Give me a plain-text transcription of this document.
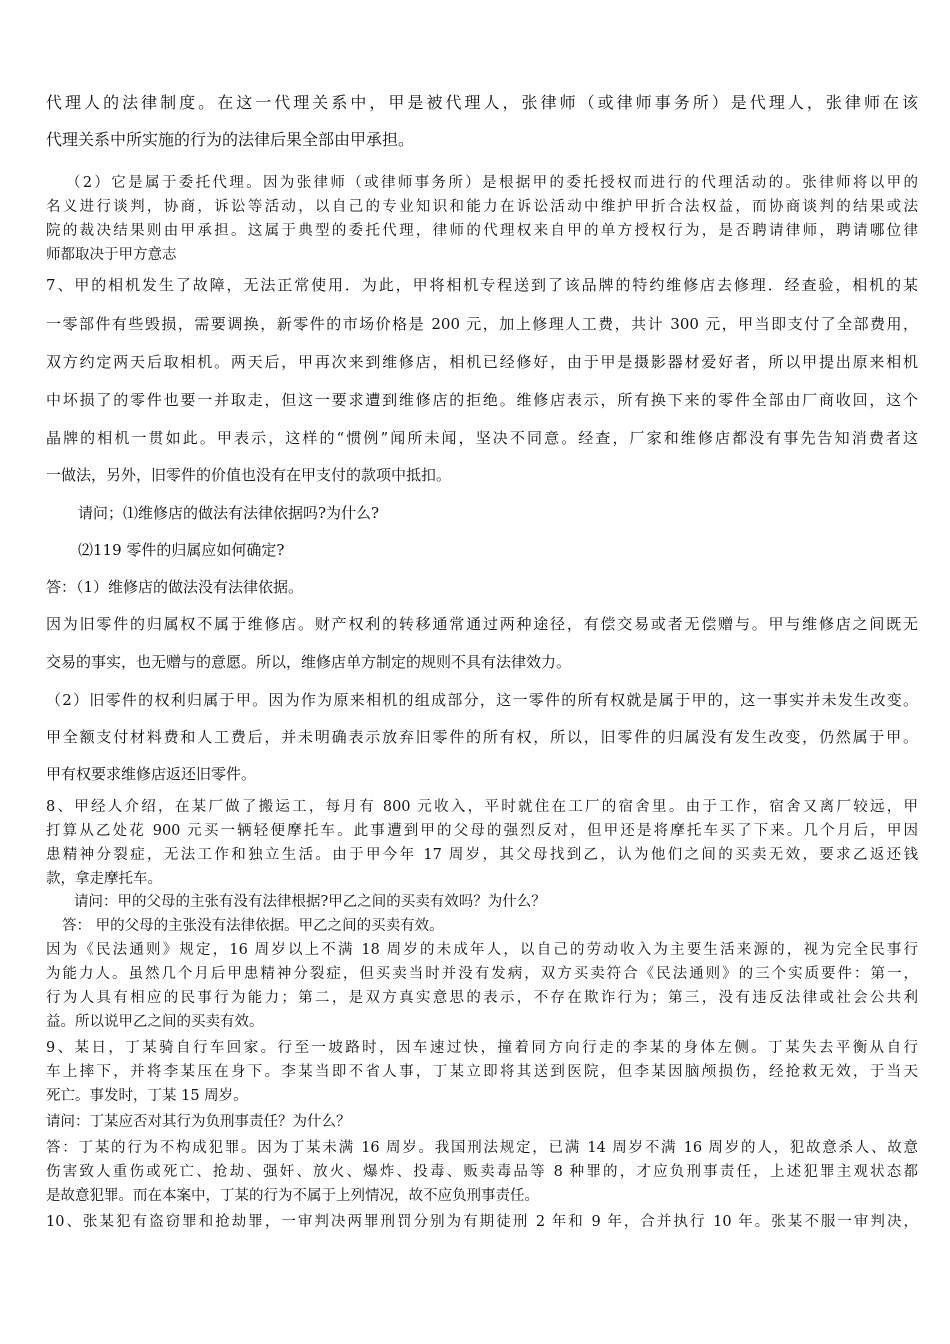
代理人的法律制度。在这一代理关系中，甲是被代理人，张律师（或律师事务所）是代理人，张律师在该
代理关系中所实施的行为的法律后果全部由甲承担。
（2）它是属于委托代理。因为张律师（或律师事务所）是根据甲的委托授权而进行的代理活动的。张律师将以甲的
名义进行谈判，协商，诉讼等活动，以自己的专业知识和能力在诉讼活动中维护甲折合法权益，而协商谈判的结果或法
院的裁决结果则由甲承担。这属于典型的委托代理，律师的代理权来自甲的单方授权行为，是否聘请律师，聘请哪位律
师都取决于甲方意志
7、甲的相机发生了故障，无法正常使用．为此，甲将相机专程送到了该品牌的特约维修店去修理．经查验，相机的某
一零部件有些毁损，需要调换，新零件的市场价格是 200 元，加上修理人工费，共计 300 元，甲当即支付了全部费用，
双方约定两天后取相机。两天后，甲再次来到维修店，相机已经修好，由于甲是摄影器材爱好者，所以甲提出原来相机
中坏损了的零件也要一并取走，但这一要求遭到维修店的拒绝。维修店表示，所有换下来的零件全部由厂商收回，这个
晶牌的相机一贯如此。甲表示，这样的“惯例”闻所未闻，坚决不同意。经查，厂家和维修店都没有事先告知消费者这
一做法，另外，旧零件的价值也没有在甲支付的款项中抵扣。
请问；⑴维修店的做法有法律依据吗?为什么?
⑵119 零件的归属应如何确定?
答：（1）维修店的做法没有法律依据。
因为旧零件的归属权不属于维修店。财产权利的转移通常通过两种途径，有偿交易或者无偿赠与。甲与维修店之间既无
交易的事实，也无赠与的意愿。所以，维修店单方制定的规则不具有法律效力。
（2）旧零件的权利归属于甲。因为作为原来相机的组成部分，这一零件的所有权就是属于甲的，这一事实并未发生改变。
甲全额支付材料费和人工费后，并未明确表示放弃旧零件的所有权，所以，旧零件的归属没有发生改变，仍然属于甲。
甲有权要求维修店返还旧零件。
8、甲经人介绍，在某厂做了搬运工，每月有 800 元收入，平时就住在工厂的宿舍里。由于工作，宿舍又离厂较远，甲
打算从乙处花 900 元买一辆轻便摩托车。此事遭到甲的父母的强烈反对，但甲还是将摩托车买了下来。几个月后，甲因
患精神分裂症，无法工作和独立生活。由于甲今年 17 周岁，其父母找到乙，认为他们之间的买卖无效，要求乙返还钱
款，拿走摩托车。
请问：甲的父母的主张有没有法律根据?甲乙之间的买卖有效吗？为什么？
答： 甲的父母的主张没有法律依据。甲乙之间的买卖有效。
因为《民法通则》规定，16 周岁以上不满 18 周岁的未成年人，以自己的劳动收入为主要生活来源的，视为完全民事行
为能力人。虽然几个月后甲患精神分裂症，但买卖当时并没有发病，双方买卖符合《民法通则》的三个实质要件：第一，
行为人具有相应的民事行为能力；第二，是双方真实意思的表示，不存在欺诈行为；第三，没有违反法律或社会公共利
益。所以说甲乙之间的买卖有效。
9、某日，丁某骑自行车回家。行至一坡路时，因车速过快，撞着同方向行走的李某的身体左侧。丁某失去平衡从自行
车上摔下，并将李某压在身下。李某当即不省人事，丁某立即将其送到医院，但李某因脑颅损伤，经抢救无效，于当天
死亡。事发时，丁某 15 周岁。
请问：丁某应否对其行为负刑事责任？为什么？
答：丁某的行为不构成犯罪。因为丁某未满 16 周岁。我国刑法规定，已满 14 周岁不满 16 周岁的人，犯故意杀人、故意
伤害致人重伤或死亡、抢劫、强奸、放火、爆炸、投毒、贩卖毒品等 8 种罪的，才应负刑事责任，上述犯罪主观状态都
是故意犯罪。而在本案中，丁某的行为不属于上列情况，故不应负刑事责任。
10、张某犯有盗窃罪和抢劫罪，一审判决两罪刑罚分别为有期徒刑 2 年和 9 年，合并执行 10 年。张某不服一审判决，
